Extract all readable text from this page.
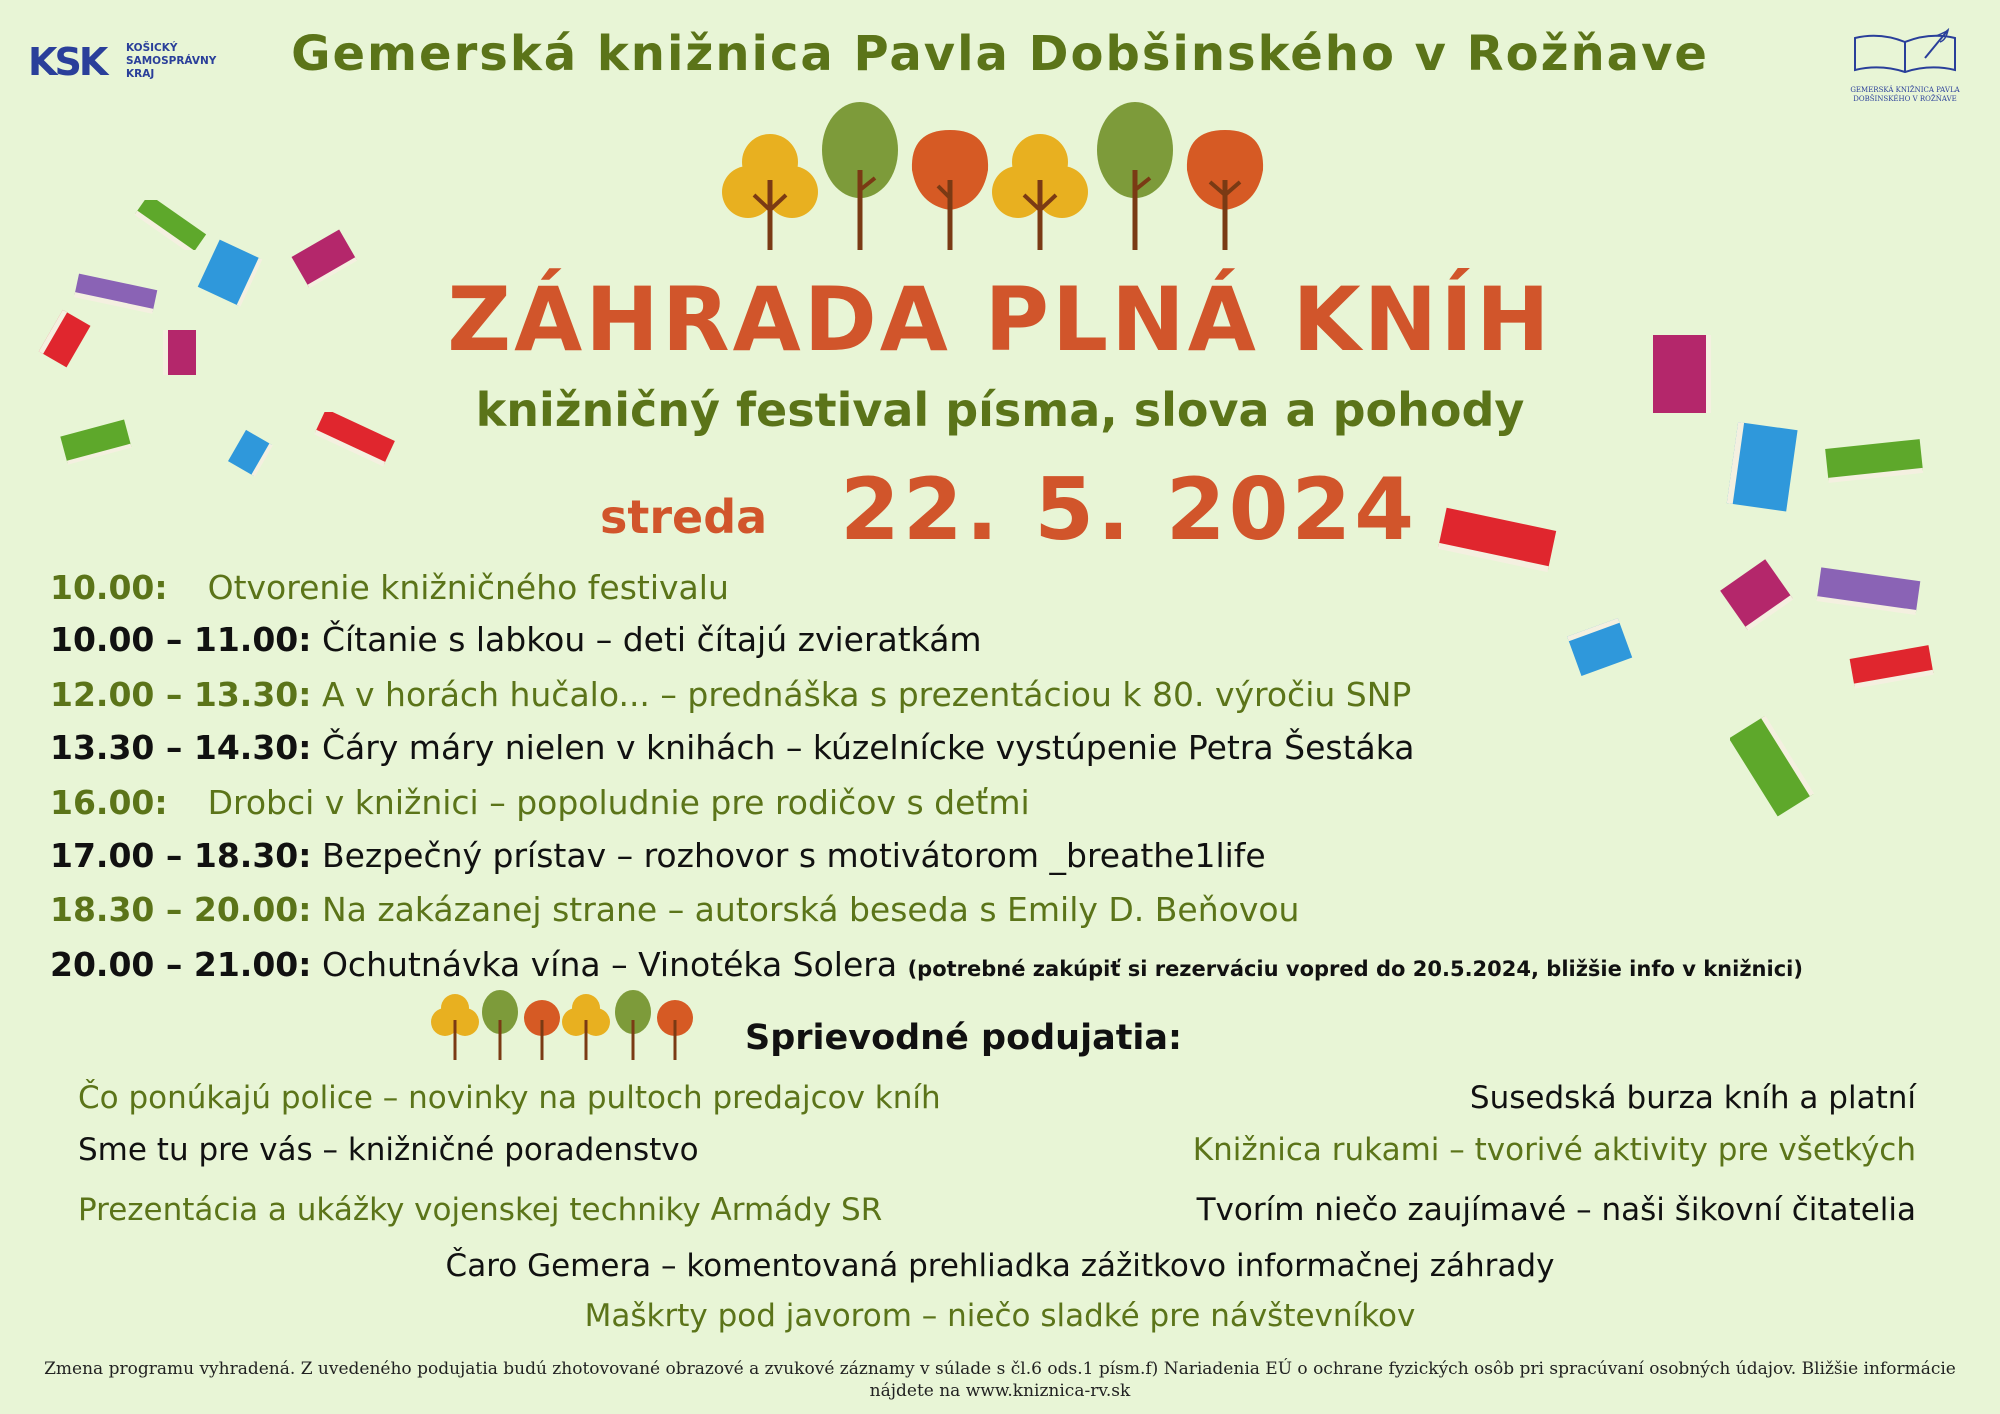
KSK KOŠICKÝ SAMOSPRÁVNY KRAJ
GEMERSKÁ KNIŽNICA PAVLA DOBŠINSKÉHO V ROŽŇAVE
Gemerská knižnica Pavla Dobšinského v Rožňave
ZÁHRADA PLNÁ KNÍH
knižničný festival písma, slova a pohody
streda 22. 5. 2024
10.00: Otvorenie knižničného festivalu
10.00 – 11.00: Čítanie s labkou – deti čítajú zvieratkám
12.00 – 13.30: A v horách hučalo... – prednáška s prezentáciou k 80. výročiu SNP
13.30 – 14.30: Čáry máry nielen v knihách – kúzelnícke vystúpenie Petra Šestáka
16.00: Drobci v knižnici – popoludnie pre rodičov s deťmi
17.00 – 18.30: Bezpečný prístav – rozhovor s motivátorom _breathe1life
18.30 – 20.00: Na zakázanej strane – autorská beseda s Emily D. Beňovou
20.00 – 21.00: Ochutnávka vína – Vinotéka Solera (potrebné zakúpiť si rezerváciu vopred do 20.5.2024, bližšie info v knižnici)
Sprievodné podujatia:
Čo ponúkajú police – novinky na pultoch predajcov kníh	Susedská burza kníh a platní
Sme tu pre vás – knižničné poradenstvo	Knižnica rukami – tvorivé aktivity pre všetkých
Prezentácia a ukážky vojenskej techniky Armády SR	Tvorím niečo zaujímavé – naši šikovní čitatelia
Čaro Gemera – komentovaná prehliadka zážitkovo informačnej záhrady
Maškrty pod javorom – niečo sladké pre návštevníkov
Zmena programu vyhradená. Z uvedeného podujatia budú zhotovované obrazové a zvukové záznamy v súlade s čl.6 ods.1 písm.f) Nariadenia EÚ o ochrane fyzických osôb pri spracúvaní osobných údajov. Bližšie informácie
nájdete na www.kniznica-rv.sk
